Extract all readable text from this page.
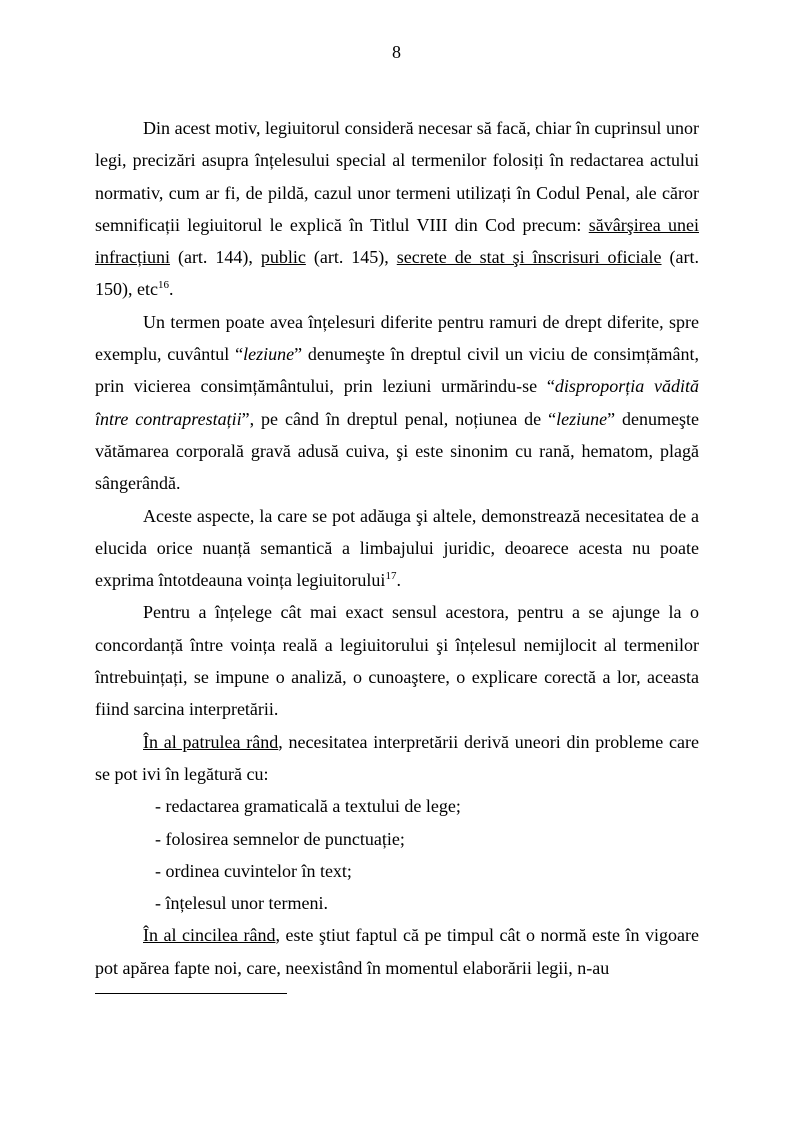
8

Din acest motiv, legiuitorul consideră necesar să facă, chiar în cuprinsul unor legi, precizări asupra înțelesului special al termenilor folosiți în redactarea actului normativ, cum ar fi, de pildă, cazul unor termeni utilizați în Codul Penal, ale căror semnificații legiuitorul le explică în Titlul VIII din Cod precum: săvârşirea unei infracțiuni (art. 144), public (art. 145), secrete de stat şi înscrisuri oficiale (art. 150), etc$^{16}$.

Un termen poate avea înțelesuri diferite pentru ramuri de drept diferite, spre exemplu, cuvântul “leziune” denumeşte în dreptul civil un viciu de consimțământ, prin vicierea consimțământului, prin leziuni urmărindu-se “disproporția vădită între contraprestații”, pe când în dreptul penal, noțiunea de “leziune” denumeşte vătămarea corporală gravă adusă cuiva, şi este sinonim cu rană, hematom, plagă sângerândă.

Aceste aspecte, la care se pot adăuga şi altele, demonstrează necesitatea de a elucida orice nuanță semantică a limbajului juridic, deoarece acesta nu poate exprima întotdeauna voința legiuitorului$^{17}$.

Pentru a înțelege cât mai exact sensul acestora, pentru a se ajunge la o concordanță între voința reală a legiuitorului şi înțelesul nemijlocit al termenilor întrebuințați, se impune o analiză, o cunoaştere, o explicare corectă a lor, aceasta fiind sarcina interpretării.

În al patrulea rând, necesitatea interpretării derivă uneori din probleme care se pot ivi în legătură cu:

- redactarea gramaticală a textului de lege;
- folosirea semnelor de punctuație;
- ordinea cuvintelor în text;
- înțelesul unor termeni.

În al cincilea rând, este ştiut faptul că pe timpul cât o normă este în vigoare pot apărea fapte noi, care, neexistând în momentul elaborării legii, n-au
